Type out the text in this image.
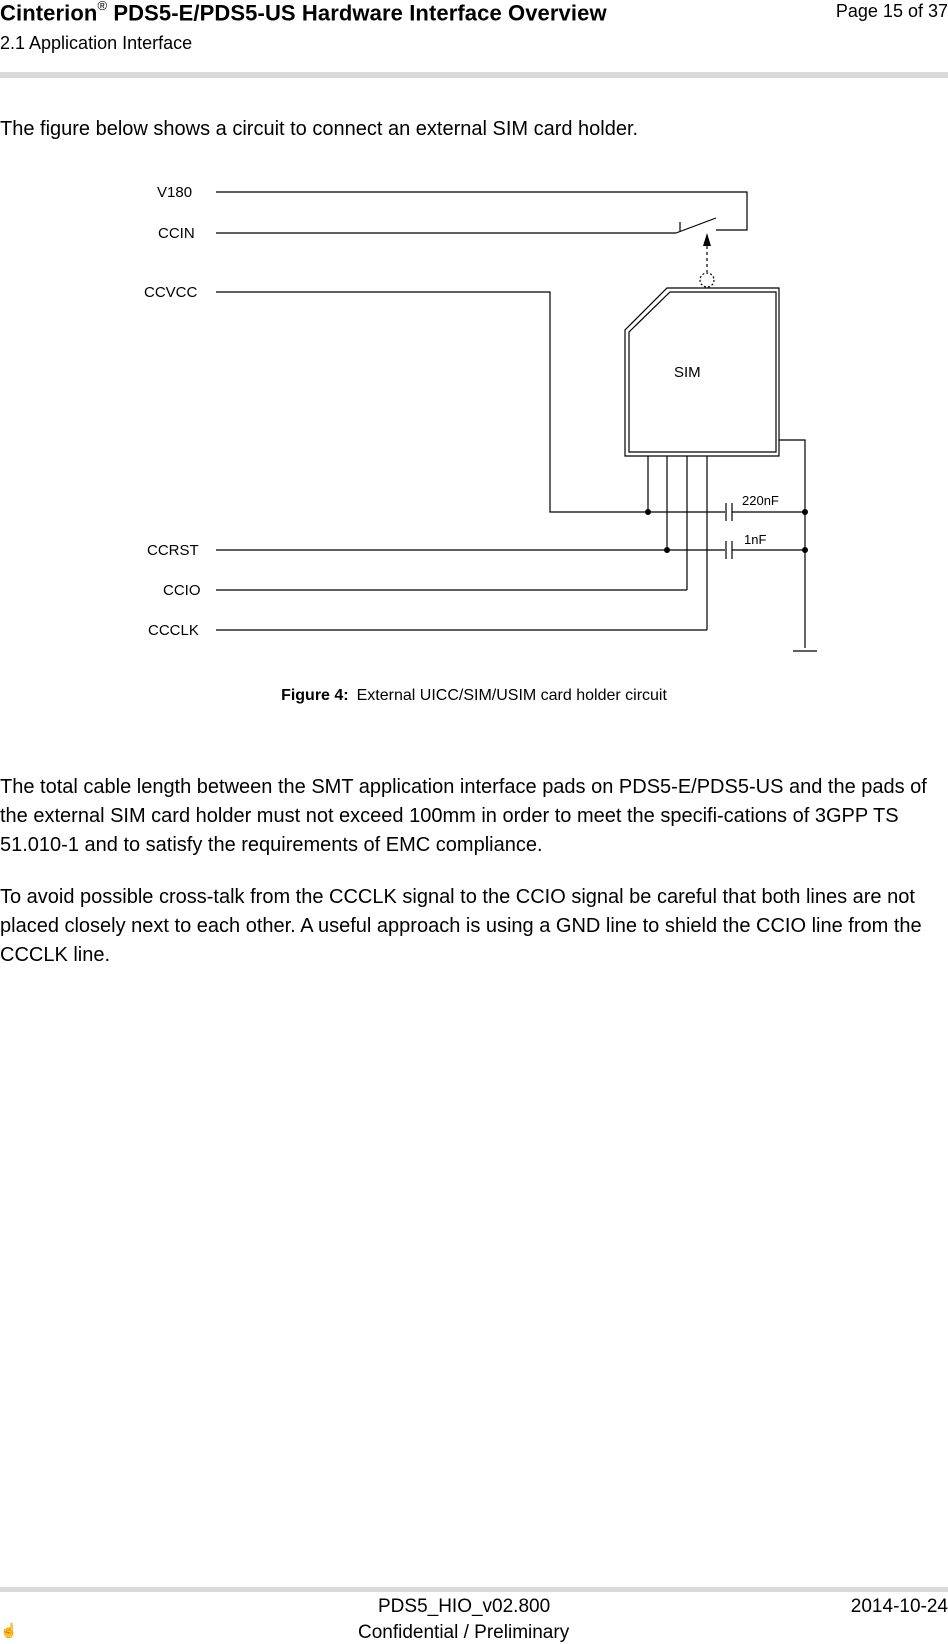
Cinterion® PDS5-E/PDS5-US Hardware Interface Overview
2.1 Application Interface
Page 15 of 37
The figure below shows a circuit to connect an external SIM card holder.
V180
CCIN
CCVCC
CCRST
CCIO
CCCLK
SIM
220nF
1nF
Figure 4: External UICC/SIM/USIM card holder circuit
The total cable length between the SMT application interface pads on PDS5-E/PDS5-US and the pads of the external SIM card holder must not exceed 100mm in order to meet the specifi-cations of 3GPP TS 51.010-1 and to satisfy the requirements of EMC compliance.
To avoid possible cross-talk from the CCCLK signal to the CCIO signal be careful that both lines are not placed closely next to each other. A useful approach is using a GND line to shield the CCIO line from the CCCLK line.
☝
PDS5_HIO_v02.800	2014-10-24
Confidential / Preliminary
